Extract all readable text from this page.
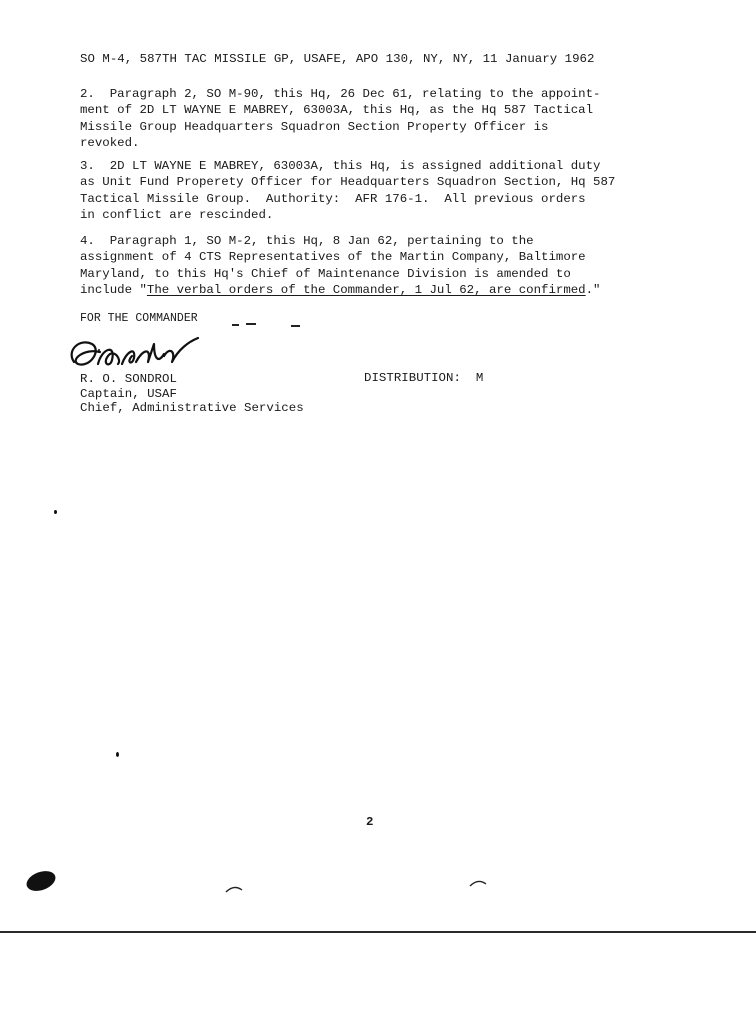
SO M-4, 587TH TAC MISSILE GP, USAFE, APO 130, NY, NY, 11 January 1962
2.  Paragraph 2, SO M-90, this Hq, 26 Dec 61, relating to the appoint-
ment of 2D LT WAYNE E MABREY, 63003A, this Hq, as the Hq 587 Tactical
Missile Group Headquarters Squadron Section Property Officer is
revoked.
3.  2D LT WAYNE E MABREY, 63003A, this Hq, is assigned additional duty
as Unit Fund Properety Officer for Headquarters Squadron Section, Hq 587
Tactical Missile Group.  Authority:  AFR 176-1.  All previous orders
in conflict are rescinded.
4.  Paragraph 1, SO M-2, this Hq, 8 Jan 62, pertaining to the
assignment of 4 CTS Representatives of the Martin Company, Baltimore
Maryland, to this Hq's Chief of Maintenance Division is amended to
include "The verbal orders of the Commander, 1 Jul 62, are confirmed."
FOR THE COMMANDER
R. O. SONDROL
Captain, USAF
Chief, Administrative Services
DISTRIBUTION:  M
2
